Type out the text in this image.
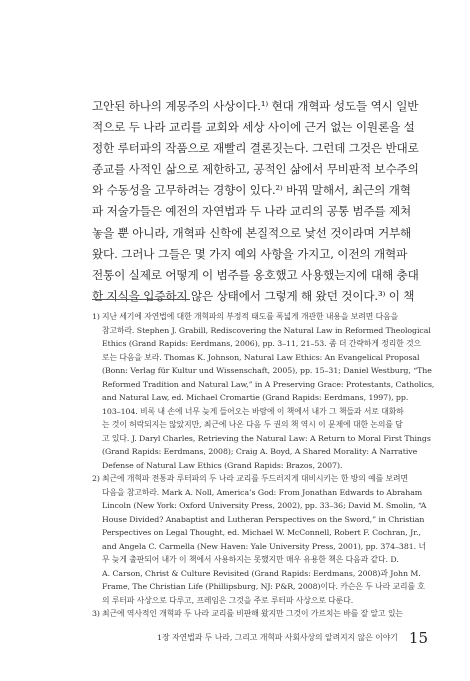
고안된 하나의 계몽주의 사상이다.¹⁾ 현대 개혁파 성도들 역시 일반
적으로 두 나라 교리를 교회와 세상 사이에 근거 없는 이원론을 설
정한 루터파의 작품으로 재빨리 결론짓는다. 그런데 그것은 반대로
종교를 사적인 삶으로 제한하고, 공적인 삶에서 무비판적 보수주의
와 수동성을 고무하려는 경향이 있다.²⁾ 바꿔 말해서, 최근의 개혁
파 저술가들은 예전의 자연법과 두 나라 교리의 공통 범주를 제쳐
놓을 뿐 아니라, 개혁파 신학에 본질적으로 낯선 것이라며 거부해
왔다. 그러나 그들은 몇 가지 예외 사항을 가지고, 이전의 개혁파
전통이 실제로 어떻게 이 범주를 옹호했고 사용했는지에 대해 충대
한 지식을 입증하지 않은 상태에서 그렇게 해 왔던 것이다.³⁾ 이 책
1) 지난 세기에 자연법에 대한 개혁파의 부정적 태도를 폭넓게 개관한 내용을 보려면 다음을
참고하라. Stephen J. Grabill, Rediscovering the Natural Law in Reformed Theological
Ethics (Grand Rapids: Eerdmans, 2006), pp. 3–11, 21–53. 좀 더 간략하게 정리한 것으
로는 다음을 보라. Thomas K. Johnson, Natural Law Ethics: An Evangelical Proposal
(Bonn: Verlag für Kultur und Wissenschaft, 2005), pp. 15–31; Daniel Westburg, “The
Reformed Tradition and Natural Law,” in A Preserving Grace: Protestants, Catholics,
and Natural Law, ed. Michael Cromartie (Grand Rapids: Eerdmans, 1997), pp.
103–104. 비록 내 손에 너무 늦게 들어오는 바람에 이 책에서 내가 그 책들과 서로 대화하
는 것이 허락되지는 않았지만, 최근에 나온 다음 두 권의 책 역시 이 문제에 대한 논의를 담
고 있다. J. Daryl Charles, Retrieving the Natural Law: A Return to Moral First Things
(Grand Rapids: Eerdmans, 2008); Craig A. Boyd, A Shared Morality: A Narrative
Defense of Natural Law Ethics (Grand Rapids: Brazos, 2007).
2) 최근에 개혁파 전통과 루터파의 두 나라 교리를 두드러지게 대비시키는 한 방의 예를 보려면
다음을 참고하라. Mark A. Noll, America’s God: From Jonathan Edwards to Abraham
Lincoln (New York: Oxford University Press, 2002), pp. 33–36; David M. Smolin, “A
House Divided? Anabaptist and Lutheran Perspectives on the Sword,” in Christian
Perspectives on Legal Thought, ed. Michael W. McConnell, Robert F. Cochran, Jr.,
and Angela C. Carmella (New Haven: Yale University Press, 2001), pp. 374–381. 너
무 늦게 출판되어 내가 이 책에서 사용하지는 못했지만 매우 유용한 책은 다음과 같다. D.
A. Carson, Christ & Culture Revisited (Grand Rapids: Eerdmans, 2008)과 John M.
Frame, The Christian Life (Phillipsburg, NJ: P&R, 2008)이다. 카슨은 두 나라 교리를 호
의 루터파 사상으로 다루고, 프레임은 그것을 주로 루터파 사상으로 다룬다.
3) 최근에 역사적인 개혁파 두 나라 교리를 비판해 왔지만 그것이 가르치는 바를 잘 알고 있는
1장 자연법과 두 나라, 그리고 개혁파 사회사상의 알려지지 않은 이야기 15
